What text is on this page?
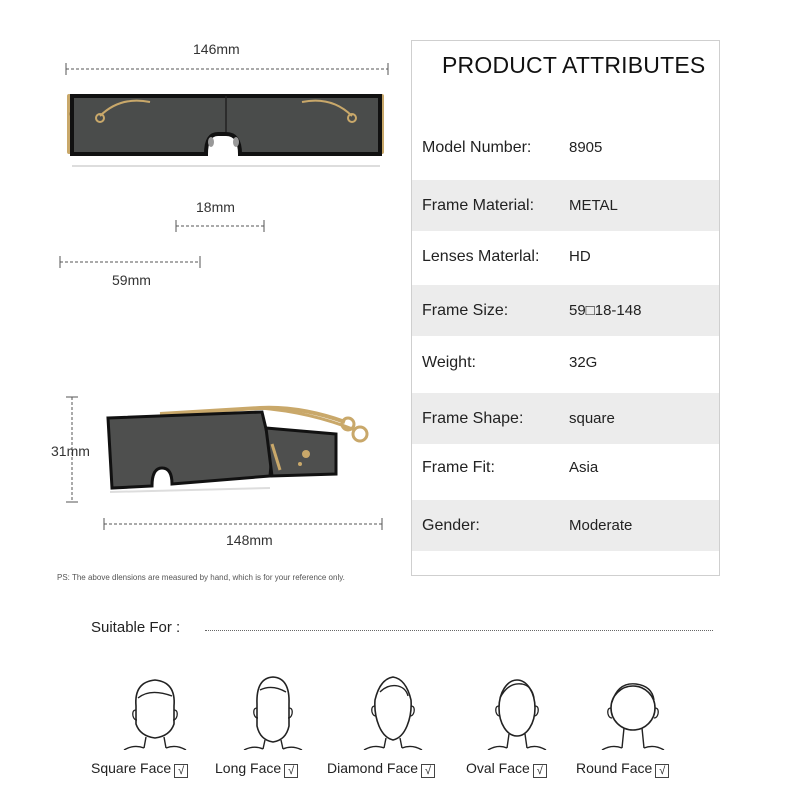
146mm
18mm
59mm
31mm
148mm
PRODUCT ATTRIBUTES
Model Number:	8905
Frame Material:	METAL
Lenses Materlal:	HD
Frame Size:	59□18-148
Weight:	32G
Frame Shape:	square
Frame Fit:	Asia
Gender:	Moderate
PS: The above dlensions are measured by hand, which is for your reference only.
Suitable For :
Square Face √ Long Face √ Diamond Face √ Oval Face √ Round Face √
